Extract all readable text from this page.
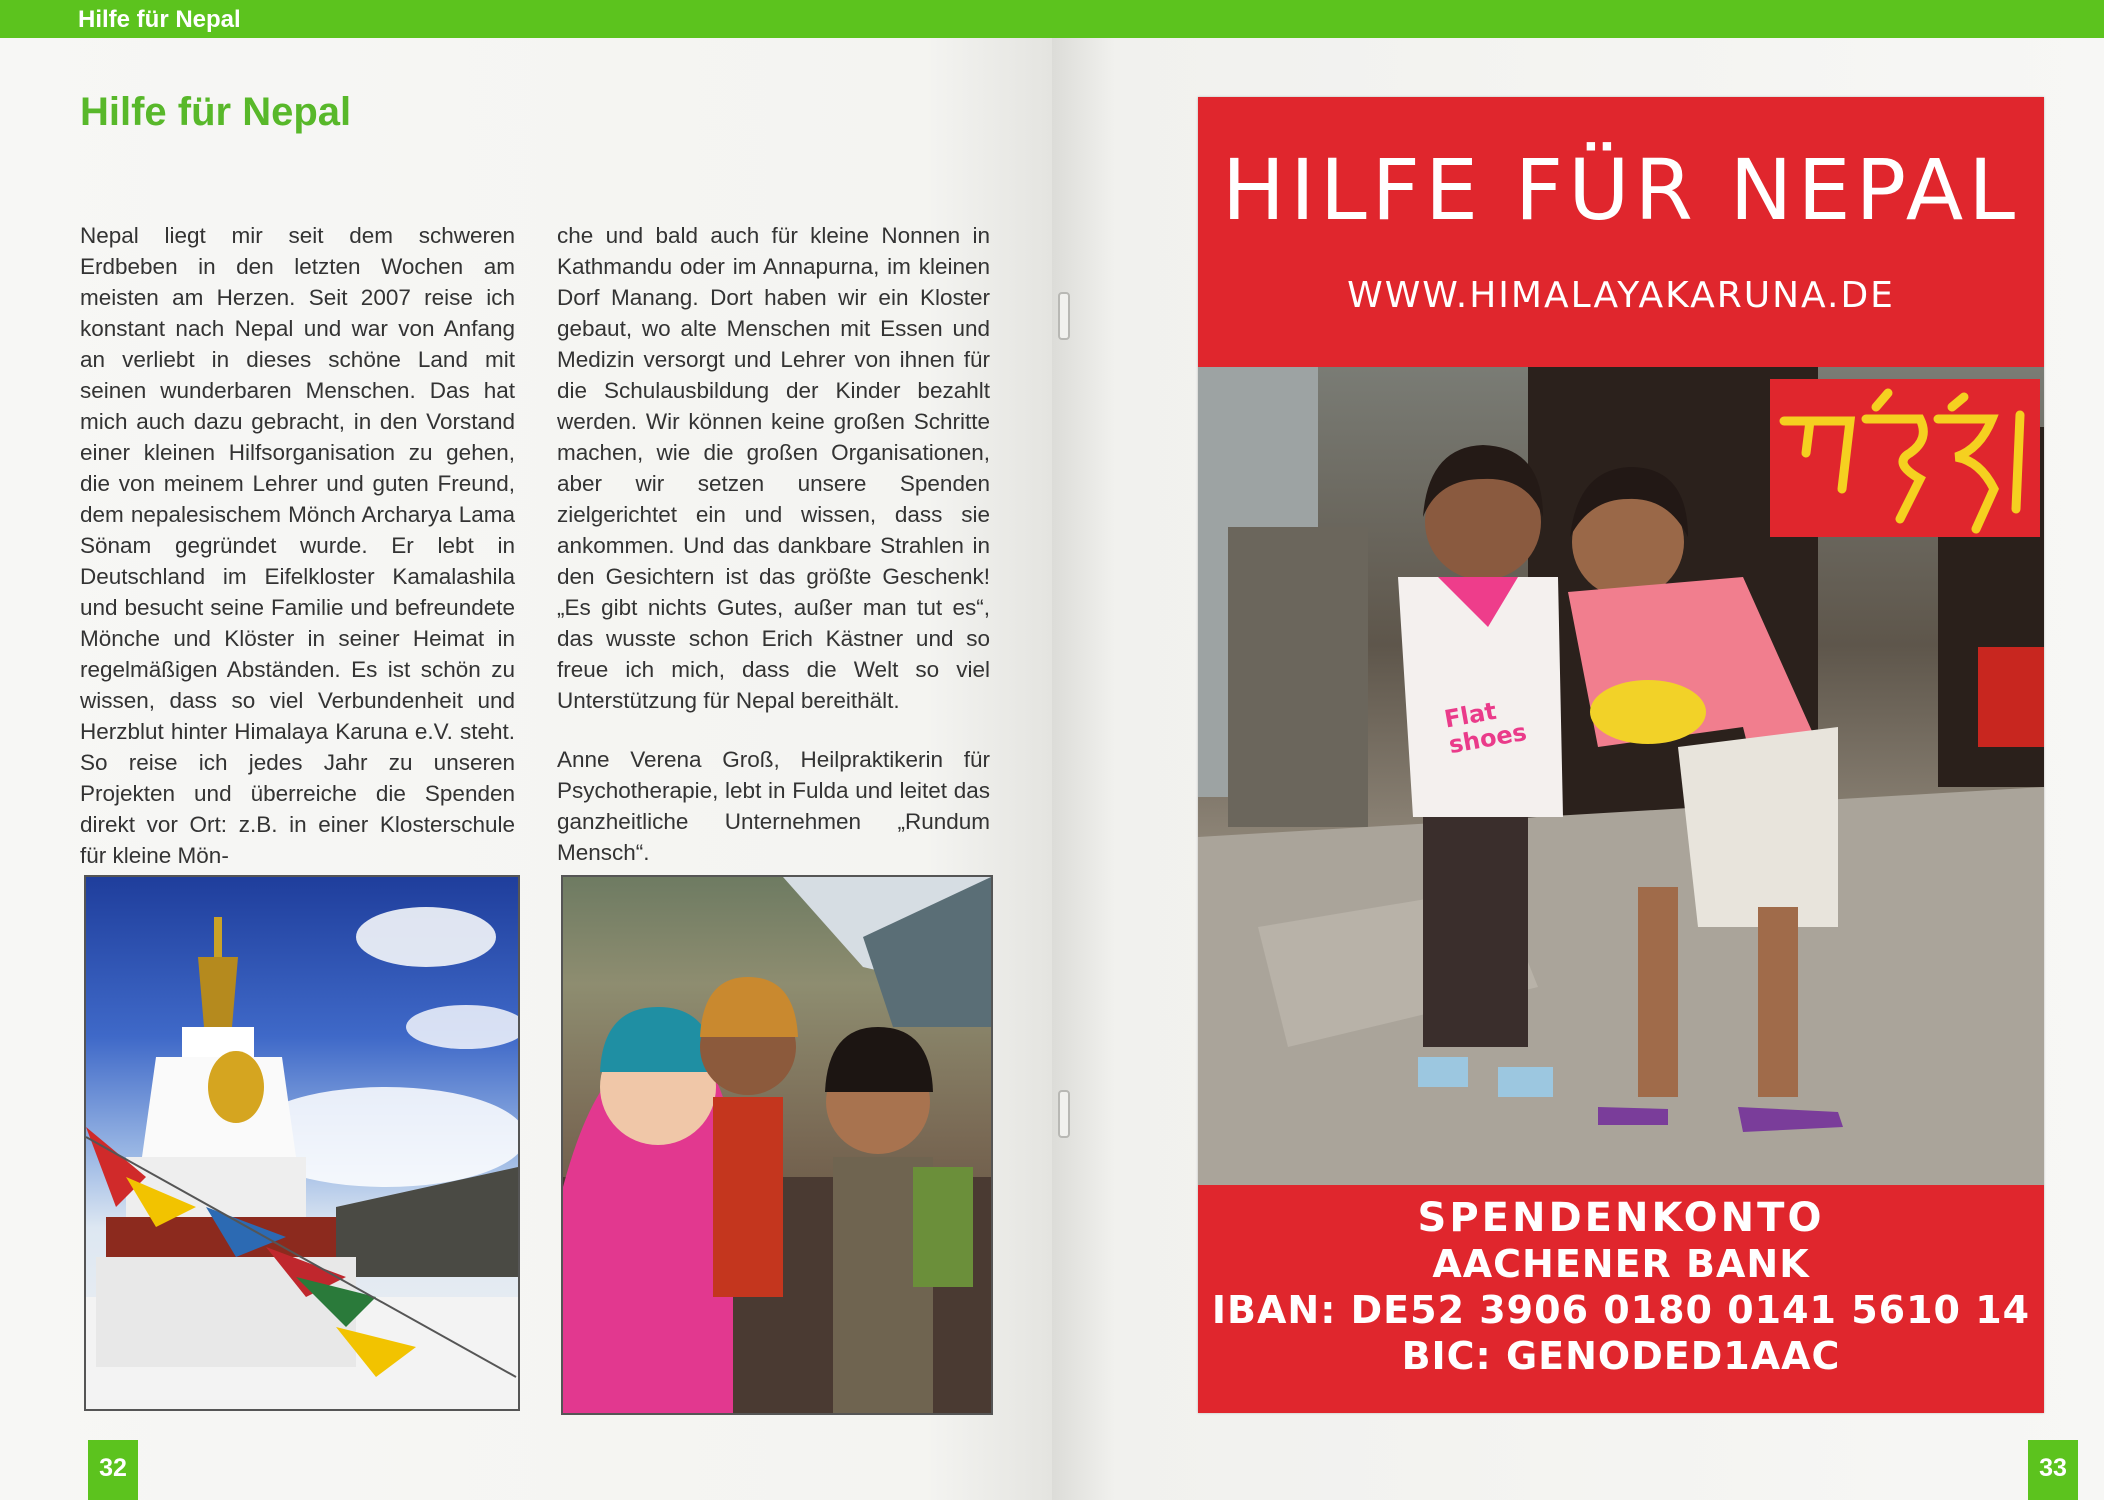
Hilfe für Nepal
Hilfe für Nepal

Nepal liegt mir seit dem schweren Erdbeben in den letzten Wochen am meisten am Herzen. Seit 2007 reise ich konstant nach Nepal und war von Anfang an verliebt in dieses schöne Land mit seinen wunderbaren Menschen. Das hat mich auch dazu gebracht, in den Vorstand einer kleinen Hilfsorganisation zu gehen, die von meinem Lehrer und guten Freund, dem nepalesischem Mönch Archarya Lama Sönam gegründet wurde. Er lebt in Deutschland im Eifelkloster Kamalashila und besucht seine Familie und befreundete Mönche und Klöster in seiner Heimat in regelmäßigen Abständen. Es ist schön zu wissen, dass so viel Verbundenheit und Herzblut hinter Himalaya Karuna e.V. steht. So reise ich jedes Jahr zu unseren Projekten und überreiche die Spenden direkt vor Ort: z.B. in einer Klosterschule für kleine Mön-

che und bald auch für kleine Nonnen in Kathmandu oder im Annapurna, im kleinen Dorf Manang. Dort haben wir ein Kloster gebaut, wo alte Menschen mit Essen und Medizin versorgt und Lehrer von ihnen für die Schulausbildung der Kinder bezahlt werden. Wir können keine großen Schritte machen, wie die großen Organisationen, aber wir setzen unsere Spenden zielgerichtet ein und wissen, dass sie ankommen. Und das dankbare Strahlen in den Gesichtern ist das größte Geschenk! „Es gibt nichts Gutes, außer man tut es“, das wusste schon Erich Kästner und so freue ich mich, dass die Welt so viel Unterstützung für Nepal bereithält.

Anne Verena Groß, Heilpraktikerin für Psychotherapie, lebt in Fulda und leitet das ganzheitliche Unternehmen „Rundum Mensch“.

32
HILFE FÜR NEPAL
WWW.HIMALAYAKARUNA.DE
Flat shoes
SPENDENKONTO
AACHENER BANK
IBAN: DE52 3906 0180 0141 5610 14
BIC: GENODED1AAC
33
